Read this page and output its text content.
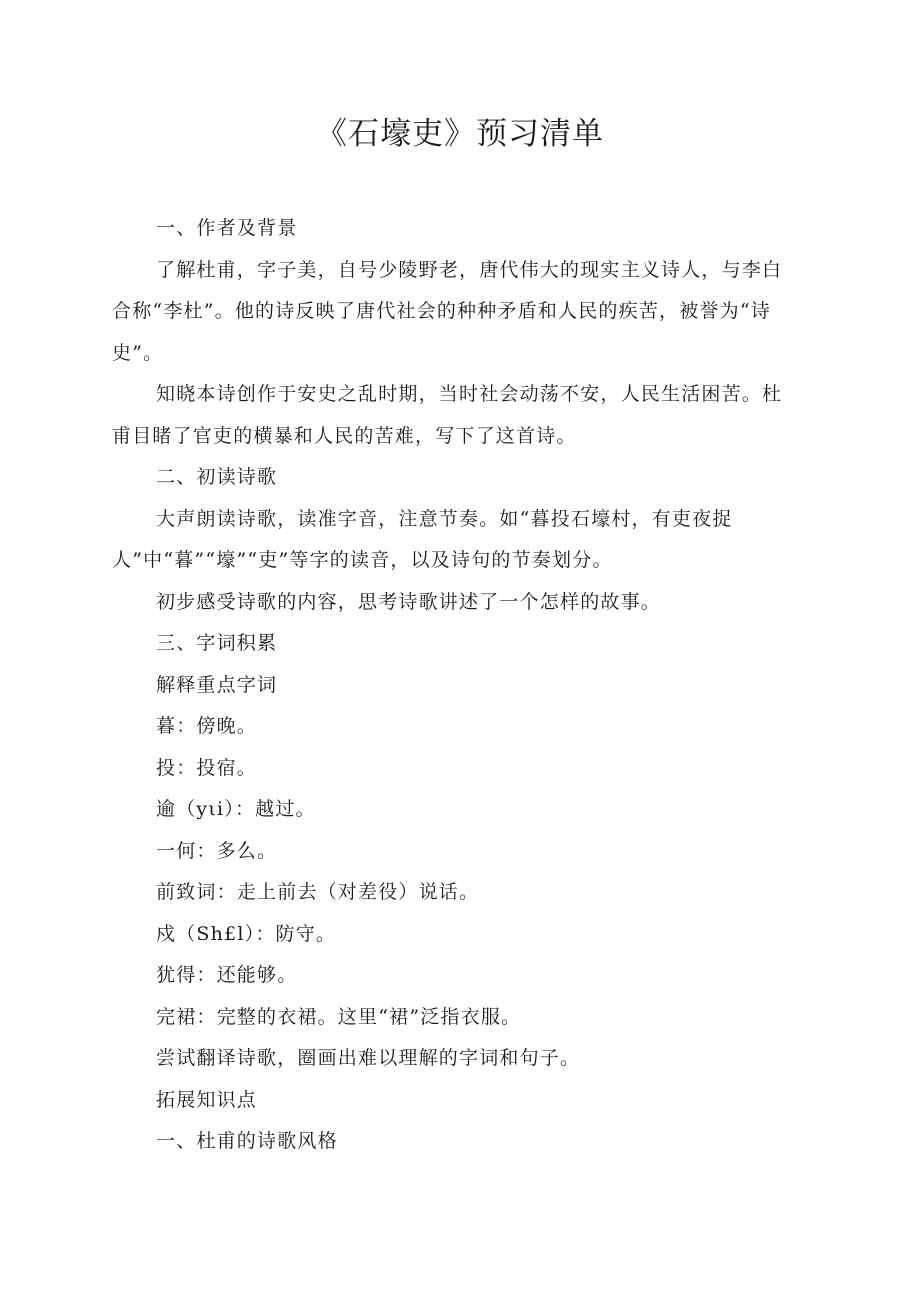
《石壕吏》预习清单

一、作者及背景

了解杜甫，字子美，自号少陵野老，唐代伟大的现实主义诗人，与李白合称“李杜”。他的诗反映了唐代社会的种种矛盾和人民的疾苦，被誉为“诗史”。

知晓本诗创作于安史之乱时期，当时社会动荡不安，人民生活困苦。杜甫目睹了官吏的横暴和人民的苦难，写下了这首诗。

二、初读诗歌

大声朗读诗歌，读准字音，注意节奏。如“暮投石壕村，有吏夜捉人”中“暮”“壕”“吏”等字的读音，以及诗句的节奏划分。

初步感受诗歌的内容，思考诗歌讲述了一个怎样的故事。

三、字词积累

解释重点字词

暮：傍晚。

投：投宿。

逾（yιi）：越过。

一何：多么。

前致词：走上前去（对差役）说话。

戍（Sh£l）：防守。

犹得：还能够。

完裙：完整的衣裙。这里“裙”泛指衣服。

尝试翻译诗歌，圈画出难以理解的字词和句子。

拓展知识点

一、杜甫的诗歌风格
